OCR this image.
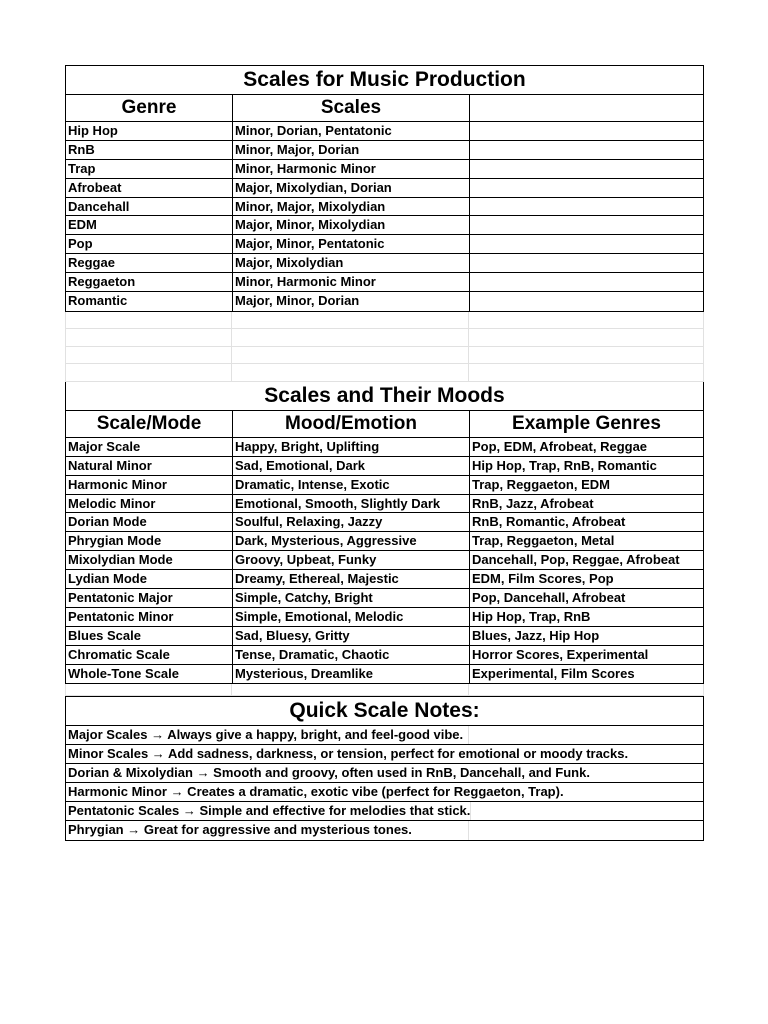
Scales for Music Production
Genre	Scales
Hip Hop	Minor, Dorian, Pentatonic
RnB	Minor, Major, Dorian
Trap	Minor, Harmonic Minor
Afrobeat	Major, Mixolydian, Dorian
Dancehall	Minor, Major, Mixolydian
EDM	Major, Minor, Mixolydian
Pop	Major, Minor, Pentatonic
Reggae	Major, Mixolydian
Reggaeton	Minor, Harmonic Minor
Romantic	Major, Minor, Dorian
Scales and Their Moods
Scale/Mode	Mood/Emotion	Example Genres
Major Scale	Happy, Bright, Uplifting	Pop, EDM, Afrobeat, Reggae
Natural Minor	Sad, Emotional, Dark	Hip Hop, Trap, RnB, Romantic
Harmonic Minor	Dramatic, Intense, Exotic	Trap, Reggaeton, EDM
Melodic Minor	Emotional, Smooth, Slightly Dark	RnB, Jazz, Afrobeat
Dorian Mode	Soulful, Relaxing, Jazzy	RnB, Romantic, Afrobeat
Phrygian Mode	Dark, Mysterious, Aggressive	Trap, Reggaeton, Metal
Mixolydian Mode	Groovy, Upbeat, Funky	Dancehall, Pop, Reggae, Afrobeat
Lydian Mode	Dreamy, Ethereal, Majestic	EDM, Film Scores, Pop
Pentatonic Major	Simple, Catchy, Bright	Pop, Dancehall, Afrobeat
Pentatonic Minor	Simple, Emotional, Melodic	Hip Hop, Trap, RnB
Blues Scale	Sad, Bluesy, Gritty	Blues, Jazz, Hip Hop
Chromatic Scale	Tense, Dramatic, Chaotic	Horror Scores, Experimental
Whole-Tone Scale	Mysterious, Dreamlike	Experimental, Film Scores
Quick Scale Notes:
Major Scales → Always give a happy, bright, and feel-good vibe.
Minor Scales → Add sadness, darkness, or tension, perfect for emotional or moody tracks.
Dorian & Mixolydian → Smooth and groovy, often used in RnB, Dancehall, and Funk.
Harmonic Minor → Creates a dramatic, exotic vibe (perfect for Reggaeton, Trap).
Pentatonic Scales → Simple and effective for melodies that stick.
Phrygian → Great for aggressive and mysterious tones.
